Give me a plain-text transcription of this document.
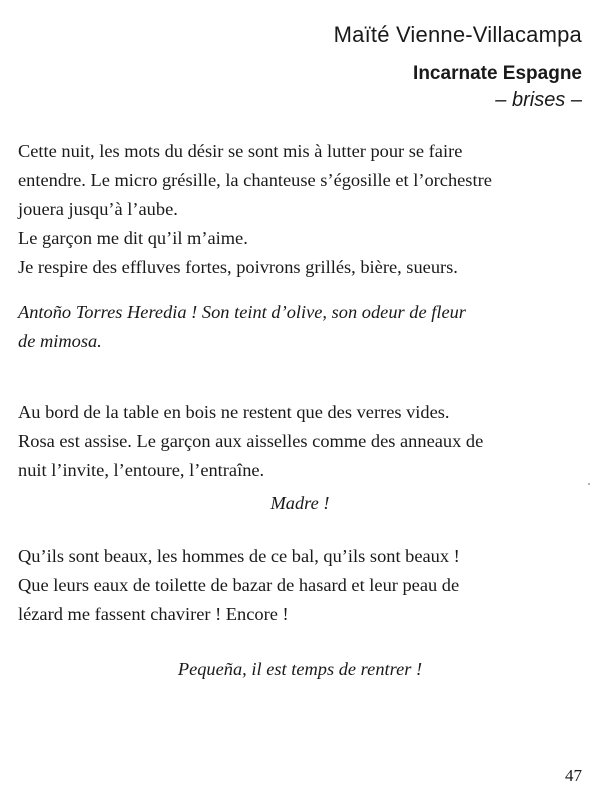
Maïté Vienne-Villacampa
Incarnate Espagne
– brises –
Cette nuit, les mots du désir se sont mis à lutter pour se faire
entendre. Le micro grésille, la chanteuse s’égosille et l’orchestre
jouera jusqu’à l’aube.
Le garçon me dit qu’il m’aime.
Je respire des effluves fortes, poivrons grillés, bière, sueurs.
Antoño Torres Heredia ! Son teint d’olive, son odeur de fleur
de mimosa.
Au bord de la table en bois ne restent que des verres vides.
Rosa est assise. Le garçon aux aisselles comme des anneaux de
nuit l’invite, l’entoure, l’entraîne.
Madre !
Qu’ils sont beaux, les hommes de ce bal, qu’ils sont beaux !
Que leurs eaux de toilette de bazar de hasard et leur peau de
lézard me fassent chavirer ! Encore !
Pequeña, il est temps de rentrer !
47
